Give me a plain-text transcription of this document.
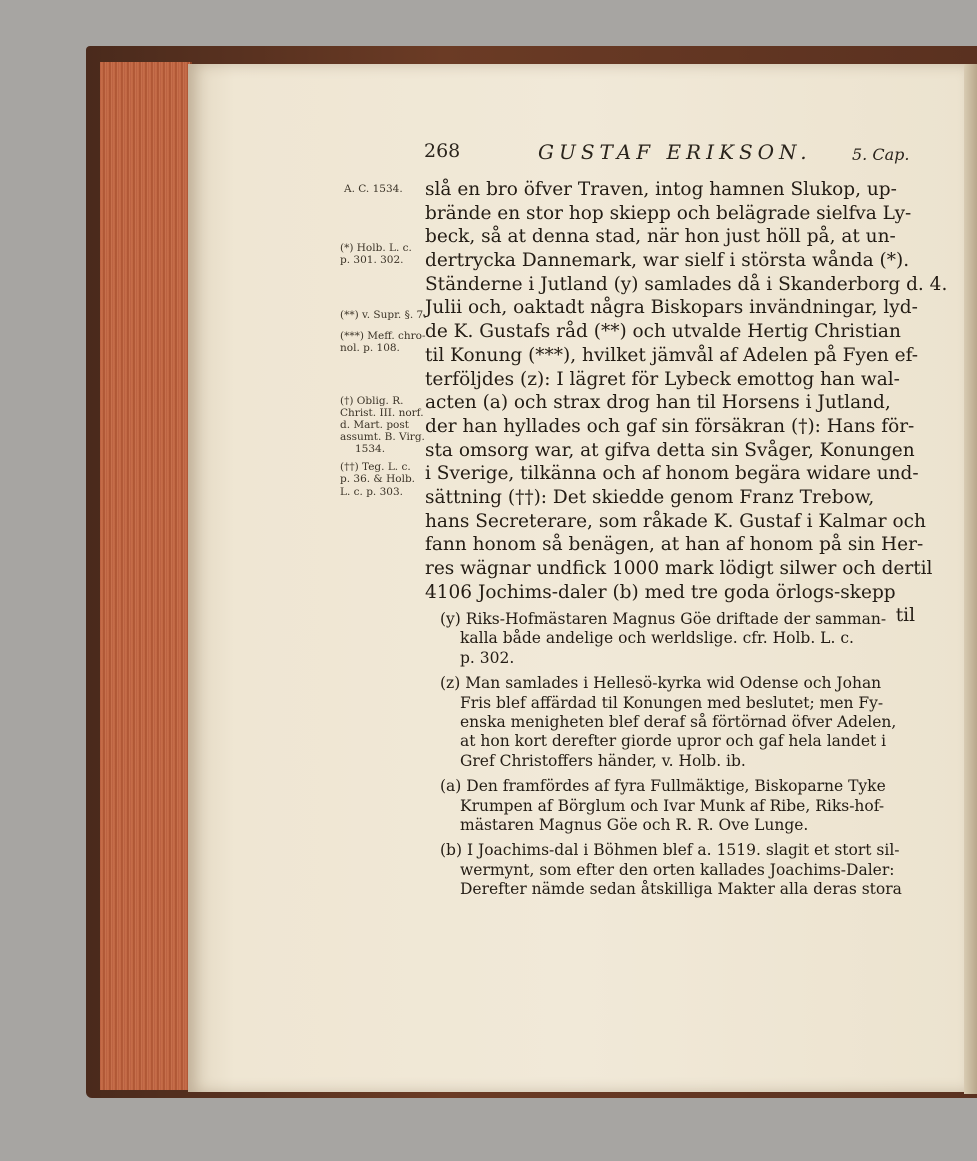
268	GUSTAF ERIKSON.	5. Cap.
A. C. 1534.
(*) Holb. L. c.
p. 301. 302.
(**) v. Supr. §. 7.
(***) Meff. chro-
nol. p. 108.
(†) Oblig. R.
Christ. III. norf.
d. Mart. post
assumt. B. Virg.
1534.
(††) Teg. L. c.
p. 36. & Holb.
L. c. p. 303.
slå en bro öfver Traven, intog hamnen Slukop, up-
brände en stor hop skiepp och belägrade sielfva Ly-
beck, så at denna stad, när hon just höll på, at un-
dertrycka Dannemark, war sielf i största wånda (*).
Ständerne i Jutland (y) samlades då i Skanderborg d. 4.
Julii och, oaktadt några Biskopars invändningar, lyd-
de K. Gustafs råd (**) och utvalde Hertig Christian
til Konung (***), hvilket jämvål af Adelen på Fyen ef-
terföljdes (z): I lägret för Lybeck emottog han wal-
acten (a) och strax drog han til Horsens i Jutland,
der han hyllades och gaf sin försäkran (†): Hans för-
sta omsorg war, at gifva detta sin Svåger, Konungen
i Sverige, tilkänna och af honom begära widare und-
sättning (††): Det skiedde genom Franz Trebow,
hans Secreterare, som råkade K. Gustaf i Kalmar och
fann honom så benägen, at han af honom på sin Her-
res wägnar undfick 1000 mark lödigt silwer och dertil
4106 Jochims-daler (b) med tre goda örlogs-skepp
til
(y) Riks-Hofmästaren Magnus Göe driftade der samman-
kalla både andelige och werldslige. cfr. Holb. L. c.
p. 302.
(z) Man samlades i Hellesö-kyrka wid Odense och Johan
Fris blef affärdad til Konungen med beslutet; men Fy-
enska menigheten blef deraf så förtörnad öfver Adelen,
at hon kort derefter giorde upror och gaf hela landet i
Gref Christoffers händer, v. Holb. ib.
(a) Den framfördes af fyra Fullmäktige, Biskoparne Tyke
Krumpen af Börglum och Ivar Munk af Ribe, Riks-hof-
mästaren Magnus Göe och R. R. Ove Lunge.
(b) I Joachims-dal i Böhmen blef a. 1519. slagit et stort sil-
wermynt, som efter den orten kallades Joachims-Daler:
Derefter nämde sedan åtskilliga Makter alla deras stora
